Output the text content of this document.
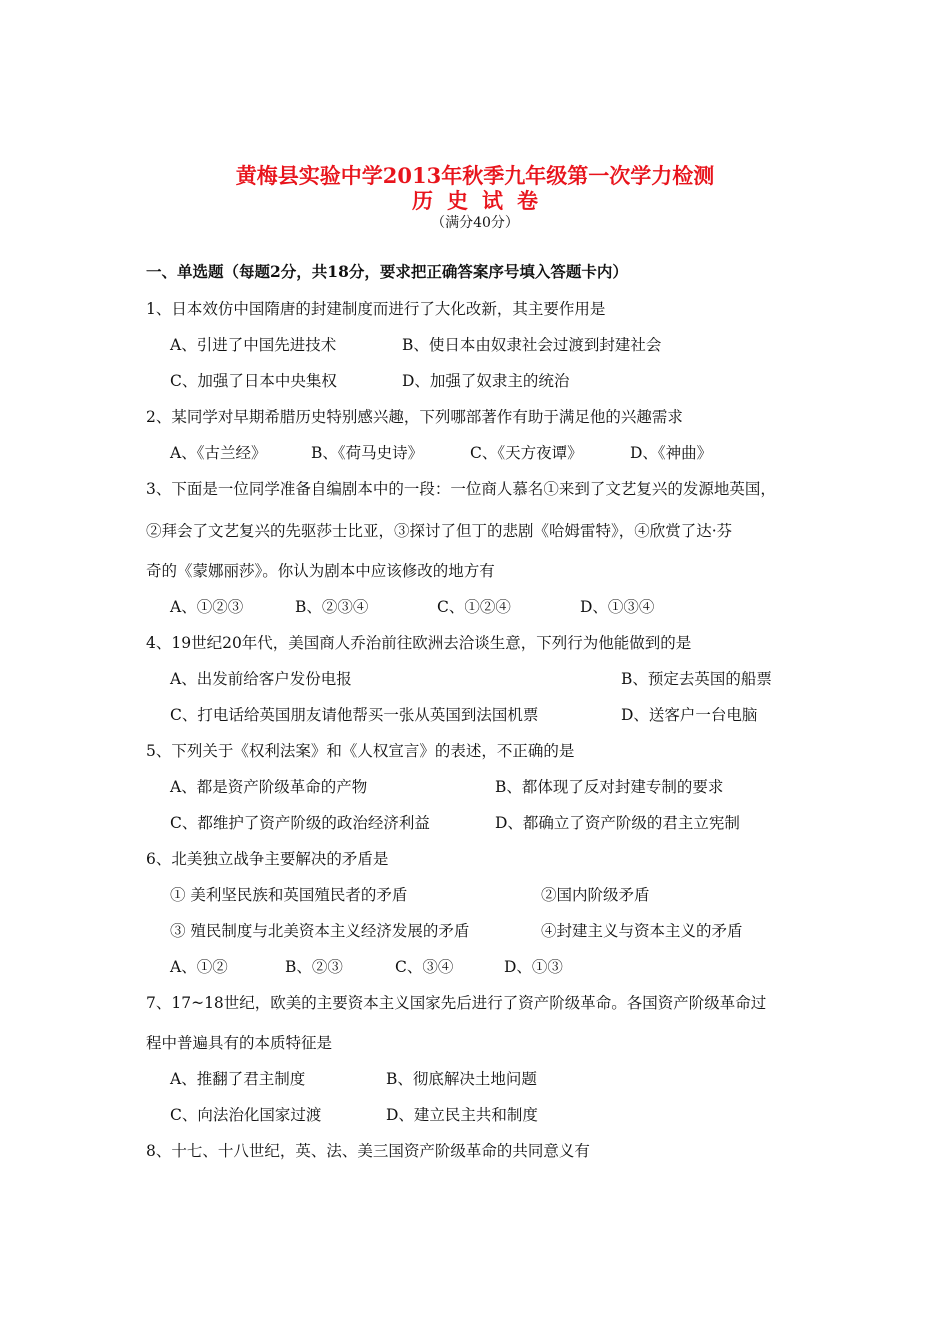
黄梅县实验中学2013年秋季九年级第一次学力检测
历史试卷
（满分40分）
一、单选题（每题2分，共18分，要求把正确答案序号填入答题卡内）
1、日本效仿中国隋唐的封建制度而进行了大化改新，其主要作用是
A、引进了中国先进技术	B、使日本由奴隶社会过渡到封建社会
C、加强了日本中央集权	D、加强了奴隶主的统治
2、某同学对早期希腊历史特别感兴趣，下列哪部著作有助于满足他的兴趣需求
A、《古兰经》	B、《荷马史诗》	C、《天方夜谭》	D、《神曲》
3、下面是一位同学准备自编剧本中的一段：一位商人慕名①来到了文艺复兴的发源地英国，
②拜会了文艺复兴的先驱莎士比亚，③探讨了但丁的悲剧《哈姆雷特》，④欣赏了达·芬
奇的《蒙娜丽莎》。你认为剧本中应该修改的地方有
A、①②③	B、②③④	C、①②④	D、①③④
4、19世纪20年代，美国商人乔治前往欧洲去洽谈生意，下列行为他能做到的是
A、出发前给客户发份电报	B、预定去英国的船票
C、打电话给英国朋友请他帮买一张从英国到法国机票	D、送客户一台电脑
5、下列关于《权利法案》和《人权宣言》的表述，不正确的是
A、都是资产阶级革命的产物	B、都体现了反对封建专制的要求
C、都维护了资产阶级的政治经济利益	D、都确立了资产阶级的君主立宪制
6、北美独立战争主要解决的矛盾是
① 美利坚民族和英国殖民者的矛盾	②国内阶级矛盾
③ 殖民制度与北美资本主义经济发展的矛盾	④封建主义与资本主义的矛盾
A、①②	B、②③	C、③④	D、①③
7、17~18世纪，欧美的主要资本主义国家先后进行了资产阶级革命。各国资产阶级革命过
程中普遍具有的本质特征是
A、推翻了君主制度	B、彻底解决土地问题
C、向法治化国家过渡	D、建立民主共和制度
8、十七、十八世纪，英、法、美三国资产阶级革命的共同意义有
